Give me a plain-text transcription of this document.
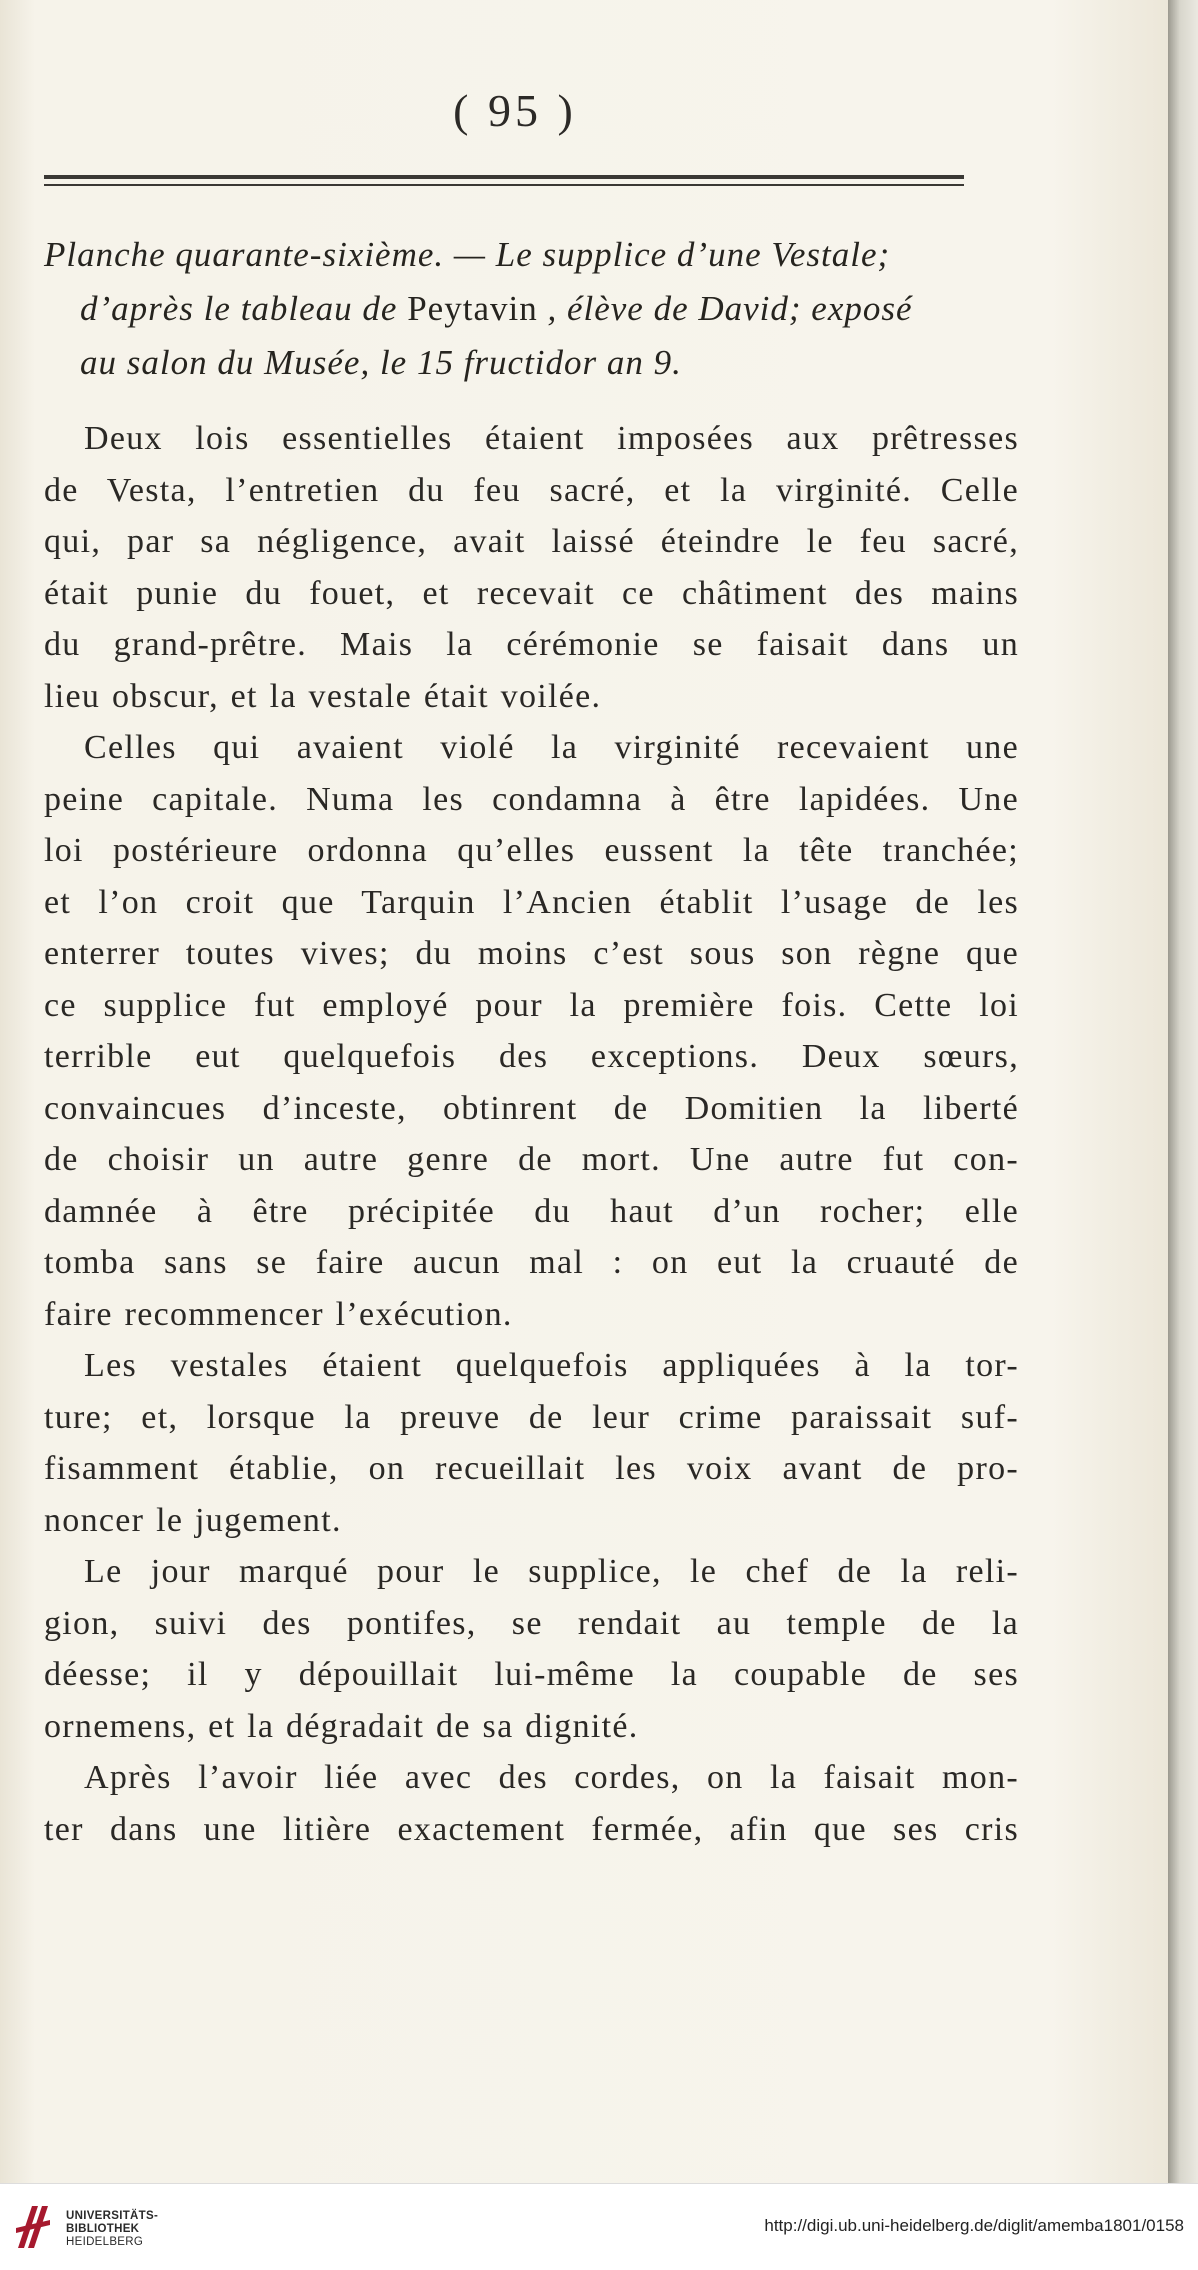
( 95 )
Planche quarante-sixième. — Le supplice d’une Vestale;
d’après le tableau de Peytavin , élève de David; exposé
au salon du Musée, le 15 fructidor an 9.
Deux lois essentielles étaient imposées aux prêtresses
de Vesta, l’entretien du feu sacré, et la virginité. Celle
qui, par sa négligence, avait laissé éteindre le feu sacré,
était punie du fouet, et recevait ce châtiment des mains
du grand-prêtre. Mais la cérémonie se faisait dans un
lieu obscur, et la vestale était voilée.
Celles qui avaient violé la virginité recevaient une
peine capitale. Numa les condamna à être lapidées. Une
loi postérieure ordonna qu’elles eussent la tête tranchée;
et l’on croit que Tarquin l’Ancien établit l’usage de les
enterrer toutes vives; du moins c’est sous son règne que
ce supplice fut employé pour la première fois. Cette loi
terrible eut quelquefois des exceptions. Deux sœurs,
convaincues d’inceste, obtinrent de Domitien la liberté
de choisir un autre genre de mort. Une autre fut con-
damnée à être précipitée du haut d’un rocher; elle
tomba sans se faire aucun mal : on eut la cruauté de
faire recommencer l’exécution.
Les vestales étaient quelquefois appliquées à la tor-
ture; et, lorsque la preuve de leur crime paraissait suf-
fisamment établie, on recueillait les voix avant de pro-
noncer le jugement.
Le jour marqué pour le supplice, le chef de la reli-
gion, suivi des pontifes, se rendait au temple de la
déesse; il y dépouillait lui-même la coupable de ses
ornemens, et la dégradait de sa dignité.
Après l’avoir liée avec des cordes, on la faisait mon-
ter dans une litière exactement fermée, afin que ses cris
UNIVERSITÄTS-
BIBLIOTHEK
HEIDELBERG
http://digi.ub.uni-heidelberg.de/diglit/amemba1801/0158
